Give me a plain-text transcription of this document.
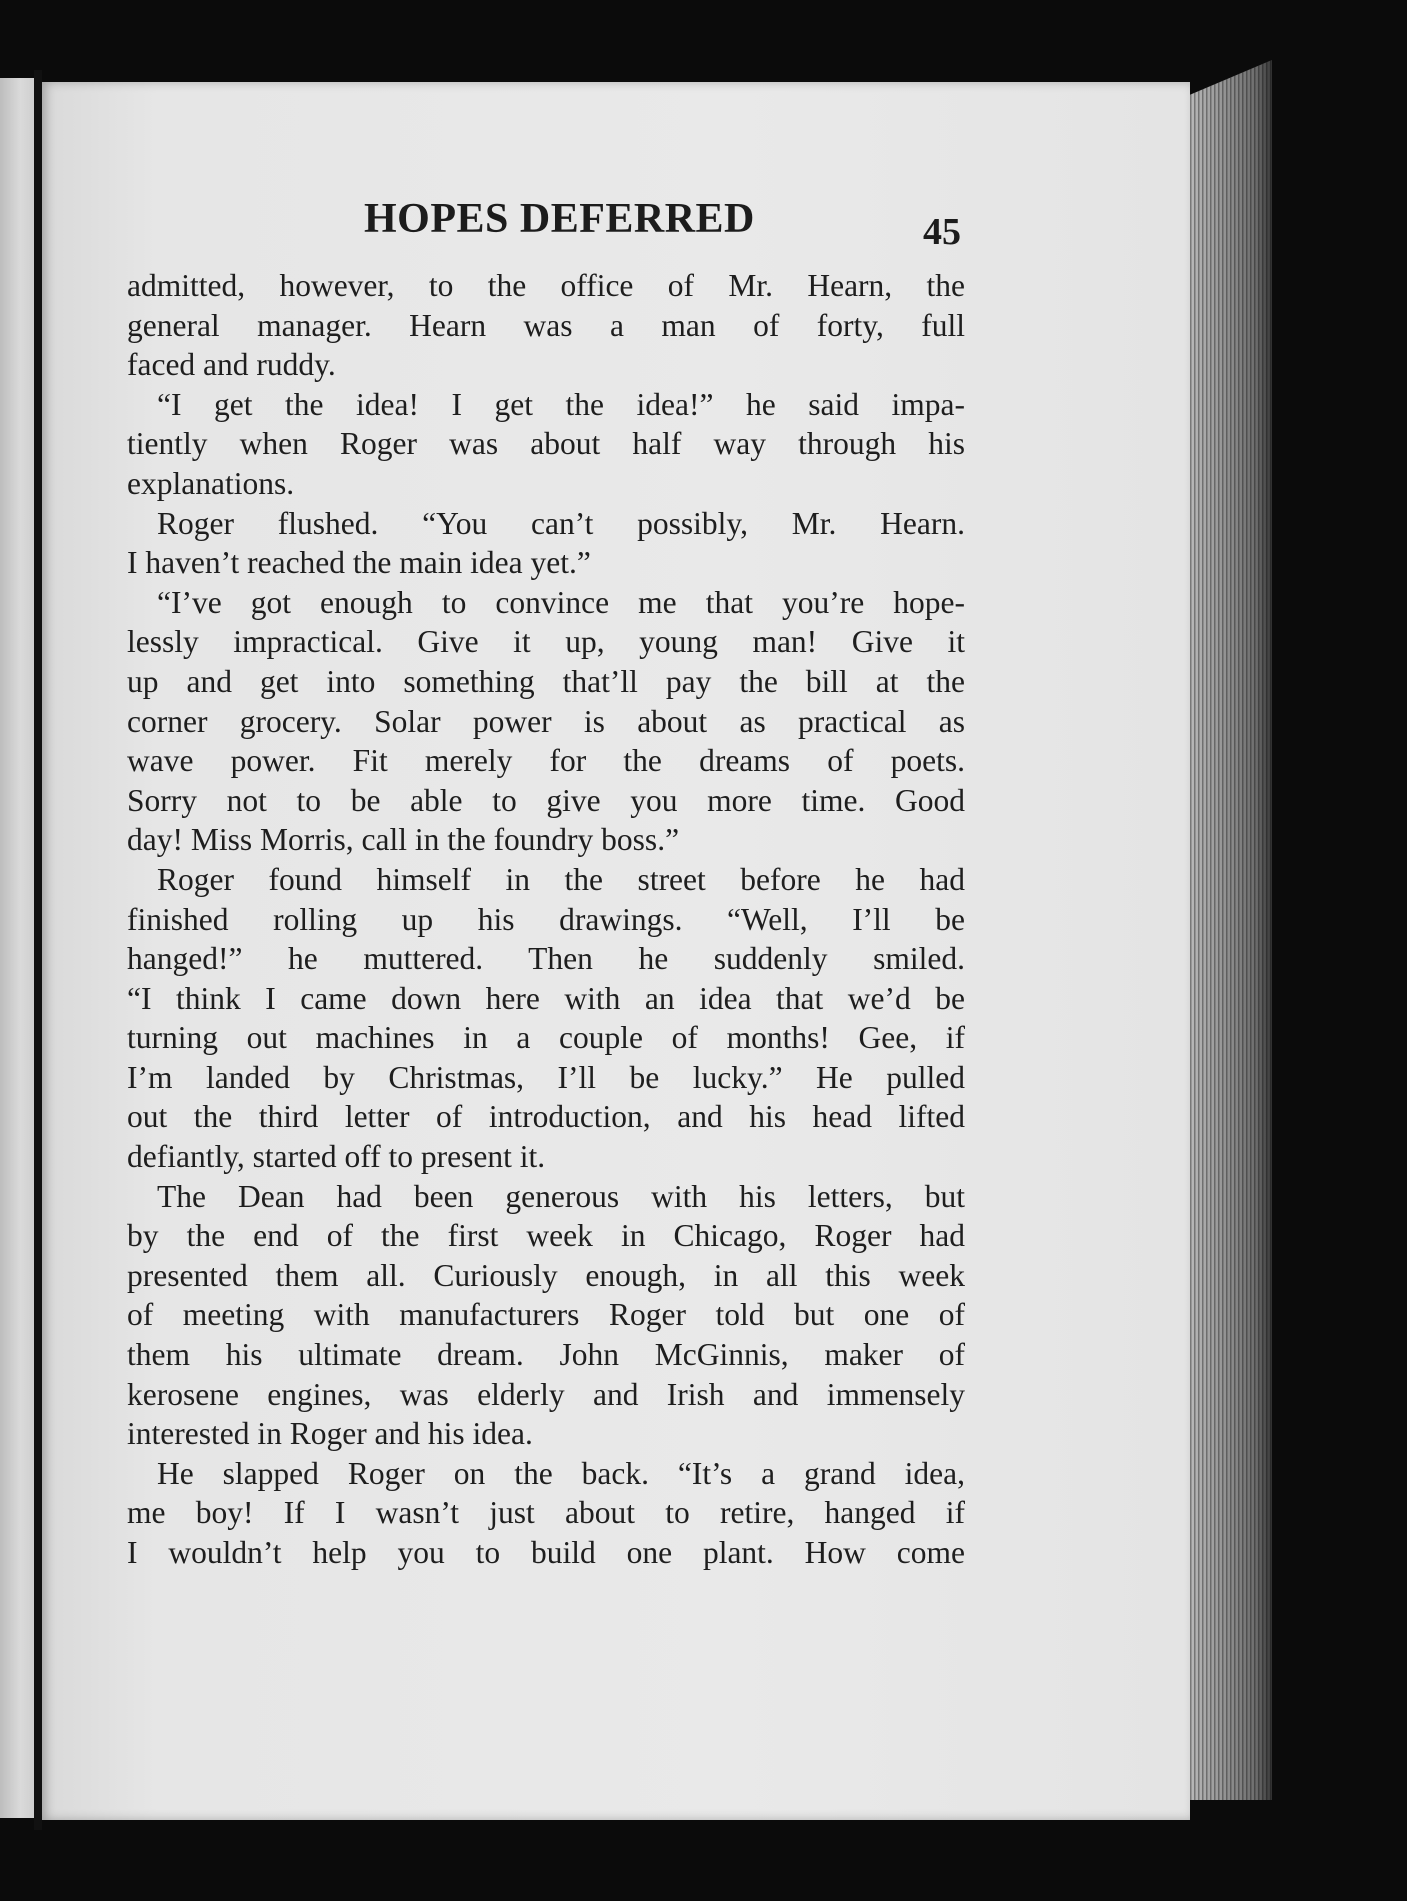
HOPES DEFERRED	45
admitted, however, to the office of Mr. Hearn, the
general manager. Hearn was a man of forty, full
faced and ruddy.
“I get the idea! I get the idea!” he said impa-
tiently when Roger was about half way through his
explanations.
Roger flushed. “You can’t possibly, Mr. Hearn.
I haven’t reached the main idea yet.”
“I’ve got enough to convince me that you’re hope-
lessly impractical. Give it up, young man! Give it
up and get into something that’ll pay the bill at the
corner grocery. Solar power is about as practical as
wave power. Fit merely for the dreams of poets.
Sorry not to be able to give you more time. Good
day! Miss Morris, call in the foundry boss.”
Roger found himself in the street before he had
finished rolling up his drawings. “Well, I’ll be
hanged!” he muttered. Then he suddenly smiled.
“I think I came down here with an idea that we’d be
turning out machines in a couple of months! Gee, if
I’m landed by Christmas, I’ll be lucky.” He pulled
out the third letter of introduction, and his head lifted
defiantly, started off to present it.
The Dean had been generous with his letters, but
by the end of the first week in Chicago, Roger had
presented them all. Curiously enough, in all this week
of meeting with manufacturers Roger told but one of
them his ultimate dream. John McGinnis, maker of
kerosene engines, was elderly and Irish and immensely
interested in Roger and his idea.
He slapped Roger on the back. “It’s a grand idea,
me boy! If I wasn’t just about to retire, hanged if
I wouldn’t help you to build one plant. How come
